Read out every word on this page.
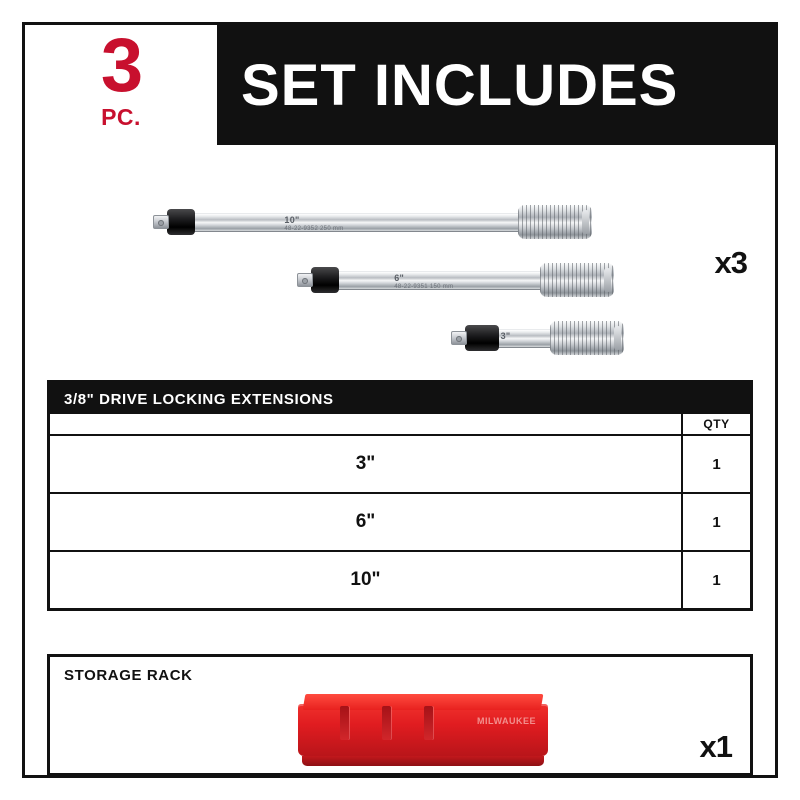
3
PC. SET INCLUDES
10"
48-22-9352 250 mm
6"
48-22-9351 150 mm
3"
x3
3/8" DRIVE LOCKING EXTENSIONS
	QTY
3"	1
6"	1
10"	1
STORAGE RACK
MILWAUKEE
x1
